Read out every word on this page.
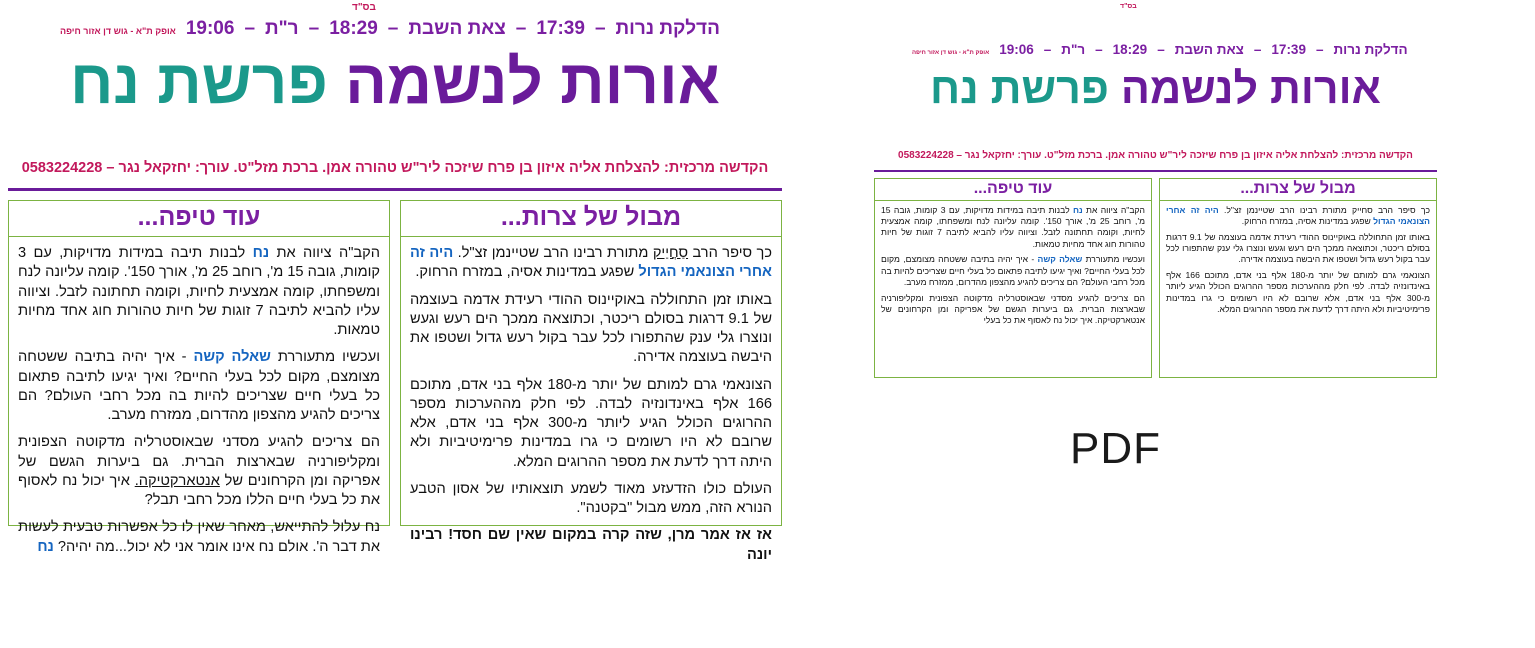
בס"ד
הדלקת נרות
–
17:39
–
צאת השבת
–
18:29
–
ר"ת
–
19:06
אופק ת"א - גוש דן אזור חיפה
אורות לנשמה פרשת נח
הקדשה מרכזית: להצלחת אליה איזון בן פרח שיזכה ליר"ש טהורה אמן. ברכת מזל"ט. עורך: יחזקאל נגר – 0583224228
מבול של צרות...

כך סיפר הרב סַחֲיַיק מתורת רבינו הרב שטיינמן זצ"ל. היה זה אחרי הצונאמי הגדול שפגע במדינות אסיה, במזרח הרחוק.

באותו זמן התחוללה באוקיינוס ההודי רעידת אדמה בעוצמה של 9.1 דרגות בסולם ריכטר, וכתוצאה ממכך הים רעש וגעש ונוצרו גלי ענק שהתפורו לכל עבר בקול רעש גדול ושטפו את היבשה בעוצמה אדירה.

הצונאמי גרם למותם של יותר מ-180 אלף בני אדם, מתוכם 166 אלף באינדונזיה לבדה. לפי חלק מההערכות מספר ההרוגים הכולל הגיע ליותר מ-300 אלף בני אדם, אלא שרובם לא היו רשומים כי גרו במדינות פרימיטיביות ולא היתה דרך לדעת את מספר ההרוגים המלא.

העולם כולו הזדעזע מאוד לשמע תוצאותיו של אסון הטבע הנורא הזה, ממש מבול "בקטנה".

אז אז אמר מרן, שזה קרה במקום שאין שם חסד! רבינו יונה

עוד טיפה...

הקב"ה ציווה את נח לבנות תיבה במידות מדויקות, עם 3 קומות, גובה 15 מ', רוחב 25 מ', אורך 150'. קומה עליונה לנח ומשפחתו, קומה אמצעית לחיות, וקומה תחתונה לזבל. וציווה עליו להביא לתיבה 7 זוגות של חיות טהורות חוג אחד מחיות טמאות.

ועכשיו מתעוררת שאלה קשה - איך יהיה בתיבה ששטחה מצומצם, מקום לכל בעלי החיים? ואיך יגיעו לתיבה פתאום כל בעלי חיים שצריכים להיות בה מכל רחבי העולם? הם צריכים להגיע מהצפון מהדרום, ממזרח מערב.

הם צריכים להגיע מסדני שבאוסטרליה מדקוטה הצפונית ומקליפורניה שבארצות הברית. גם ביערות הגשם של אפריקה ומן הקרחונים של אנטארקטיקה. איך יכול נח לאסוף את כל בעלי חיים הללו מכל רחבי תבל?

נח עלול להתייאש, מאחר שאין לו כל אפשרות טבעית לעשות את דבר ה'. אולם נח אינו אומר אני לא יכול...מה יהיה? נח

בס"ד
הדלקת נרות
–
17:39
–
צאת השבת
–
18:29
–
ר"ת
–
19:06
אופק ת"א - גוש דן אזור חיפה
אורות לנשמה פרשת נח
הקדשה מרכזית: להצלחת אליה איזון בן פרח שיזכה ליר"ש טהורה אמן. ברכת מזל"ט. עורך: יחזקאל נגר – 0583224228
מבול של צרות...

כך סיפר הרב סחייק מתורת רבינו הרב שטיינמן זצ"ל. היה זה אחרי הצונאמי הגדול שפגע במדינות אסיה, במזרח הרחוק.

באותו זמן התחוללה באוקיינוס ההודי רעידת אדמה בעוצמה של 9.1 דרגות בסולם ריכטר, וכתוצאה ממכך הים רעש וגעש ונוצרו גלי ענק שהתפורו לכל עבר בקול רעש גדול ושטפו את היבשה בעוצמה אדירה.

הצונאמי גרם למותם של יותר מ-180 אלף בני אדם, מתוכם 166 אלף באינדונזיה לבדה. לפי חלק מההערכות מספר ההרוגים הכולל הגיע ליותר מ-300 אלף בני אדם, אלא שרובם לא היו רשומים כי גרו במדינות פרימיטיביות ולא היתה דרך לדעת את מספר ההרוגים המלא.

עוד טיפה...

הקב"ה ציווה את נח לבנות תיבה במידות מדויקות, עם 3 קומות, גובה 15 מ', רוחב 25 מ', אורך 150'. קומה עליונה לנח ומשפחתו, קומה אמצעית לחיות, וקומה תחתונה לזבל. וציווה עליו להביא לתיבה 7 זוגות של חיות טהורות חוג אחד מחיות טמאות.

ועכשיו מתעוררת שאלה קשה - איך יהיה בתיבה ששטחה מצומצם, מקום לכל בעלי החיים? ואיך יגיעו לתיבה פתאום כל בעלי חיים שצריכים להיות בה מכל רחבי העולם? הם צריכים להגיע מהצפון מהדרום, ממזרח מערב.

הם צריכים להגיע מסדני שבאוסטרליה מדקוטה הצפונית ומקליפורניה שבארצות הברית. גם ביערות הגשם של אפריקה ומן הקרחונים של אנטארקטיקה. איך יכול נח לאסוף את כל בעלי

PDF
